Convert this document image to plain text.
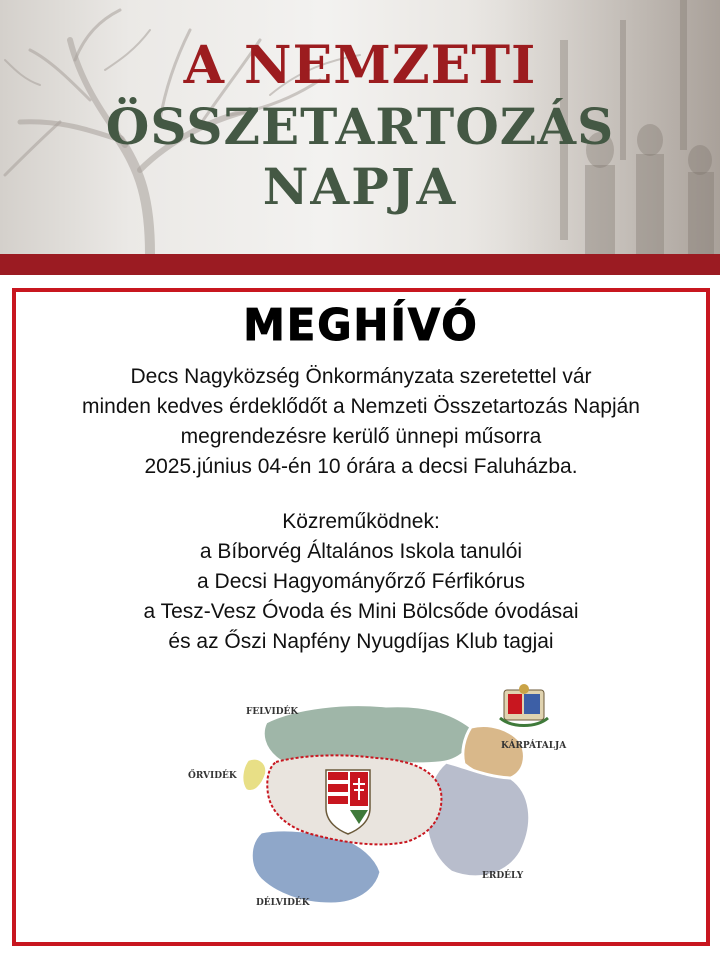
A NEMZETI
ÖSSZETARTOZÁS
NAPJA
MEGHÍVÓ
Decs Nagyközség Önkormányzata szeretettel vár
minden kedves érdeklődőt a Nemzeti Összetartozás Napján
megrendezésre kerülő ünnepi műsorra
2025.június 04-én 10 órára a decsi Faluházba.
Közreműködnek:
a Bíborvég Általános Iskola tanulói
a Decsi Hagyományőrző Férfikórus
a Tesz-Vesz Óvoda és Mini Bölcsőde óvodásai
és az Őszi Napfény Nyugdíjas Klub tagjai
FELVIDÉK
KÁRPÁTALJA
ŐRVIDÉK
ERDÉLY
DÉLVIDÉK
